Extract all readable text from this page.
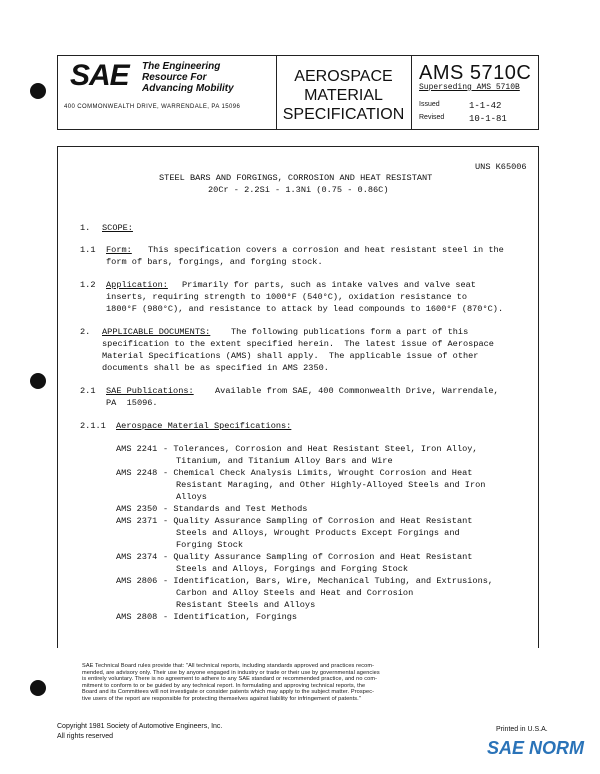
SAE The Engineering
Resource For
Advancing Mobility
400 COMMONWEALTH DRIVE, WARRENDALE, PA 15096
AEROSPACE
MATERIAL
SPECIFICATION
AMS 5710C
Superseding AMS 5710B
Issued	1-1-42
Revised	10-1-81
UNS K65006
STEEL BARS AND FORGINGS, CORROSION AND HEAT RESISTANT
20Cr - 2.2Si - 1.3Ni (0.75 - 0.86C)
1. SCOPE:
1.1 Form: This specification covers a corrosion and heat resistant steel in the
form of bars, forgings, and forging stock.
1.2 Application: Primarily for parts, such as intake valves and valve seat
inserts, requiring strength to 1000°F (540°C), oxidation resistance to
1800°F (980°C), and resistance to attack by lead compounds to 1600°F (870°C).
2. APPLICABLE DOCUMENTS: The following publications form a part of this
specification to the extent specified herein.  The latest issue of Aerospace
Material Specifications (AMS) shall apply.  The applicable issue of other
documents shall be as specified in AMS 2350.
2.1 SAE Publications: Available from SAE, 400 Commonwealth Drive, Warrendale,
PA  15096.
2.1.1 Aerospace Material Specifications:
AMS 2241 - Tolerances, Corrosion and Heat Resistant Steel, Iron Alloy,
Titanium, and Titanium Alloy Bars and Wire
AMS 2248 - Chemical Check Analysis Limits, Wrought Corrosion and Heat
Resistant Maraging, and Other Highly-Alloyed Steels and Iron
Alloys
AMS 2350 - Standards and Test Methods
AMS 2371 - Quality Assurance Sampling of Corrosion and Heat Resistant
Steels and Alloys, Wrought Products Except Forgings and
Forging Stock
AMS 2374 - Quality Assurance Sampling of Corrosion and Heat Resistant
Steels and Alloys, Forgings and Forging Stock
AMS 2806 - Identification, Bars, Wire, Mechanical Tubing, and Extrusions,
Carbon and Alloy Steels and Heat and Corrosion
Resistant Steels and Alloys
AMS 2808 - Identification, Forgings
SAE Technical Board rules provide that: "All technical reports, including standards approved and practices recom-
mended, are advisory only. Their use by anyone engaged in industry or trade or their use by governmental agencies
is entirely voluntary. There is no agreement to adhere to any SAE standard or recommended practice, and no com-
mitment to conform to or be guided by any technical report. In formulating and approving technical reports, the
Board and its Committees will not investigate or consider patents which may apply to the subject matter. Prospec-
tive users of the report are responsible for protecting themselves against liability for infringement of patents."
Copyright 1981 Society of Automotive Engineers, Inc.
All rights reserved
Printed in U.S.A.
SAE NORM
